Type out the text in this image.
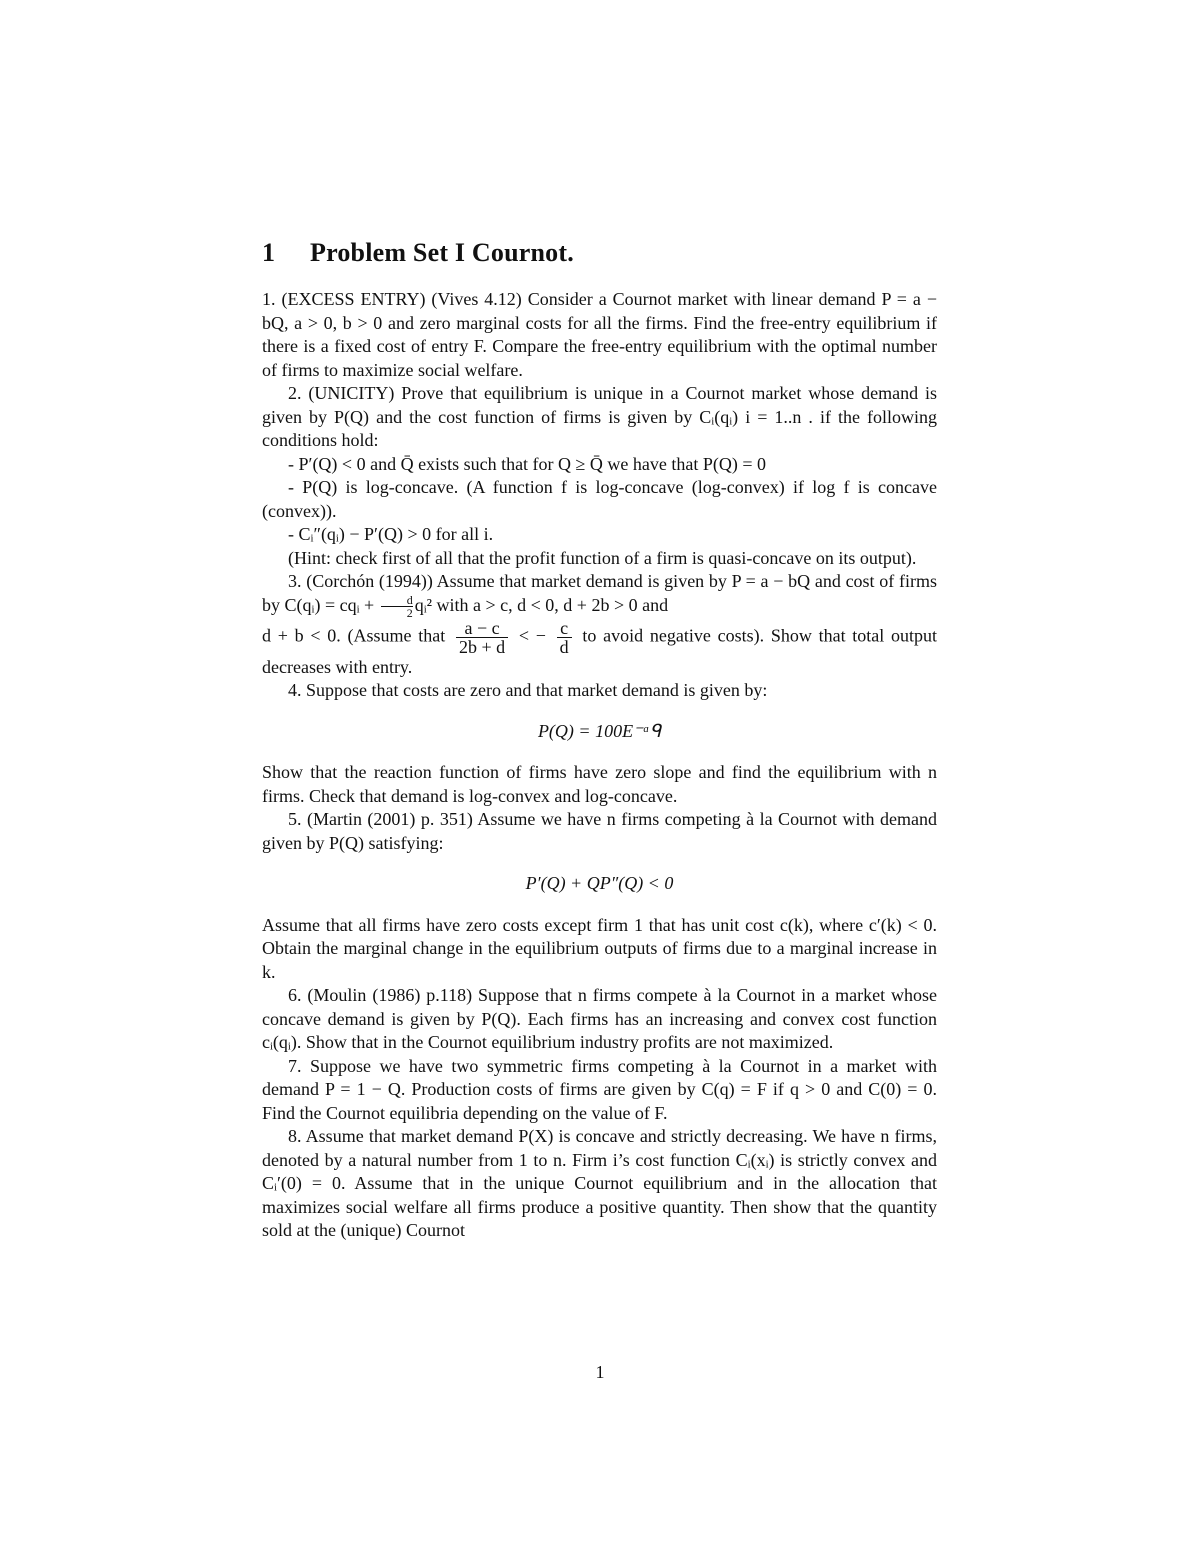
1 Problem Set I Cournot.

1. (EXCESS ENTRY) (Vives 4.12) Consider a Cournot market with linear demand P = a − bQ, a > 0, b > 0 and zero marginal costs for all the firms. Find the free-entry equilibrium if there is a fixed cost of entry F. Compare the free-entry equilibrium with the optimal number of firms to maximize social welfare.

2. (UNICITY) Prove that equilibrium is unique in a Cournot market whose demand is given by P(Q) and the cost function of firms is given by Cᵢ(qᵢ) i = 1..n . if the following conditions hold:

- P′(Q) < 0 and Q̄ exists such that for Q ≥ Q̄ we have that P(Q) = 0

- P(Q) is log-concave. (A function f is log-concave (log-convex) if log f is concave (convex)).

- Cᵢ″(qᵢ) − P′(Q) > 0 for all i.

(Hint: check first of all that the profit function of a firm is quasi-concave on its output).

3. (Corchón (1994)) Assume that market demand is given by P = a − bQ and cost of firms by C(qᵢ) = cqᵢ + $\frac{d}{2}$ qᵢ² with a > c, d < 0, d + 2b > 0 and

d + b < 0. (Assume that $\frac{a - c}{2b + d}$ < − $\frac{c}{d}$ to avoid negative costs). Show that total output decreases with entry.

4. Suppose that costs are zero and that market demand is given by:

P(Q) = 100E⁻ᵅᑫ

Show that the reaction function of firms have zero slope and find the equilibrium with n firms. Check that demand is log-convex and log-concave.

5. (Martin (2001) p. 351) Assume we have n firms competing à la Cournot with demand given by P(Q) satisfying:

P′(Q) + QP″(Q) < 0

Assume that all firms have zero costs except firm 1 that has unit cost c(k), where c′(k) < 0. Obtain the marginal change in the equilibrium outputs of firms due to a marginal increase in k.

6. (Moulin (1986) p.118) Suppose that n firms compete à la Cournot in a market whose concave demand is given by P(Q). Each firms has an increasing and convex cost function cᵢ(qᵢ). Show that in the Cournot equilibrium industry profits are not maximized.

7. Suppose we have two symmetric firms competing à la Cournot in a market with demand P = 1 − Q. Production costs of firms are given by C(q) = F if q > 0 and C(0) = 0. Find the Cournot equilibria depending on the value of F.

8. Assume that market demand P(X) is concave and strictly decreasing. We have n firms, denoted by a natural number from 1 to n. Firm i’s cost function Cᵢ(xᵢ) is strictly convex and Cᵢ′(0) = 0. Assume that in the unique Cournot equilibrium and in the allocation that maximizes social welfare all firms produce a positive quantity. Then show that the quantity sold at the (unique) Cournot

1
